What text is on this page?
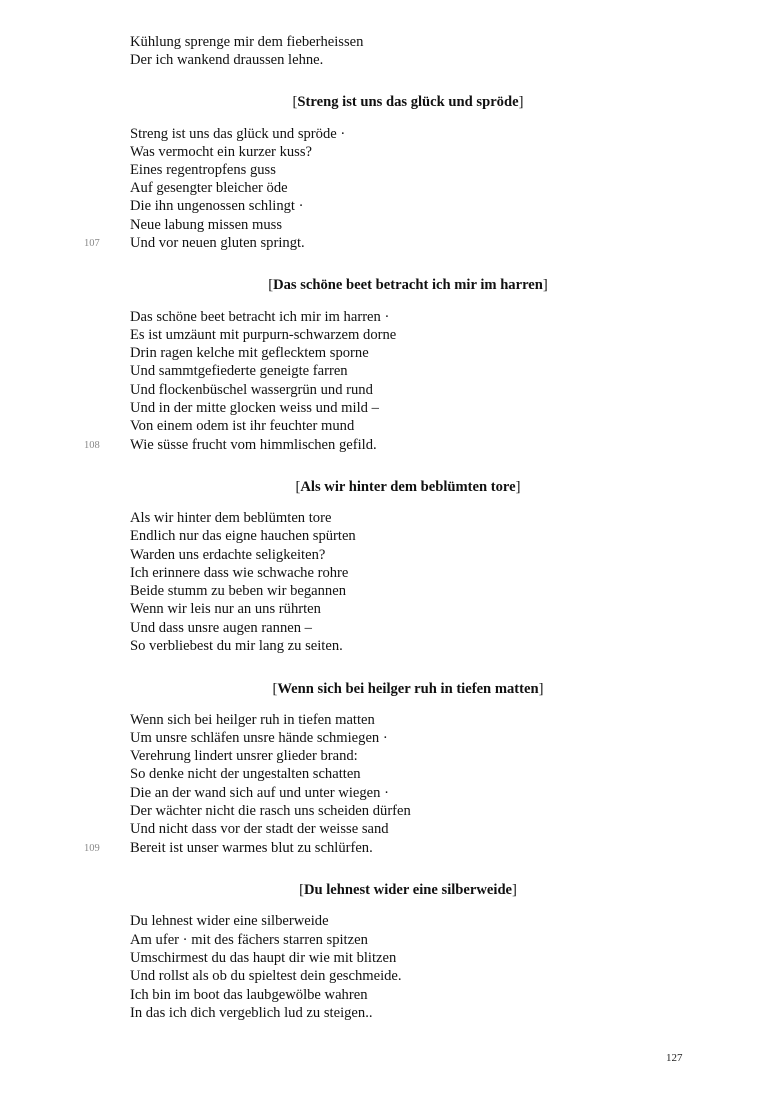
Kühlung sprenge mir dem fieberheissen
Der ich wankend draussen lehne.
[Streng ist uns das glück und spröde]
Streng ist uns das glück und spröde ·
Was vermocht ein kurzer kuss?
Eines regentropfens guss
Auf gesengter bleicher öde
Die ihn ungenossen schlingt ·
Neue labung missen muss
Und vor neuen gluten springt.
107
[Das schöne beet betracht ich mir im harren]
Das schöne beet betracht ich mir im harren ·
Es ist umzäunt mit purpurn-schwarzem dorne
Drin ragen kelche mit geflecktem sporne
Und sammtgefiederte geneigte farren
Und flockenbüschel wassergrün und rund
Und in der mitte glocken weiss und mild –
Von einem odem ist ihr feuchter mund
Wie süsse frucht vom himmlischen gefild.
108
[Als wir hinter dem beblümten tore]
Als wir hinter dem beblümten tore
Endlich nur das eigne hauchen spürten
Warden uns erdachte seligkeiten?
Ich erinnere dass wie schwache rohre
Beide stumm zu beben wir begannen
Wenn wir leis nur an uns rührten
Und dass unsre augen rannen –
So verbliebest du mir lang zu seiten.
[Wenn sich bei heilger ruh in tiefen matten]
Wenn sich bei heilger ruh in tiefen matten
Um unsre schläfen unsre hände schmiegen ·
Verehrung lindert unsrer glieder brand:
So denke nicht der ungestalten schatten
Die an der wand sich auf und unter wiegen ·
Der wächter nicht die rasch uns scheiden dürfen
Und nicht dass vor der stadt der weisse sand
Bereit ist unser warmes blut zu schlürfen.
109
[Du lehnest wider eine silberweide]
Du lehnest wider eine silberweide
Am ufer · mit des fächers starren spitzen
Umschirmest du das haupt dir wie mit blitzen
Und rollst als ob du spieltest dein geschmeide.
Ich bin im boot das laubgewölbe wahren
In das ich dich vergeblich lud zu steigen..
127
